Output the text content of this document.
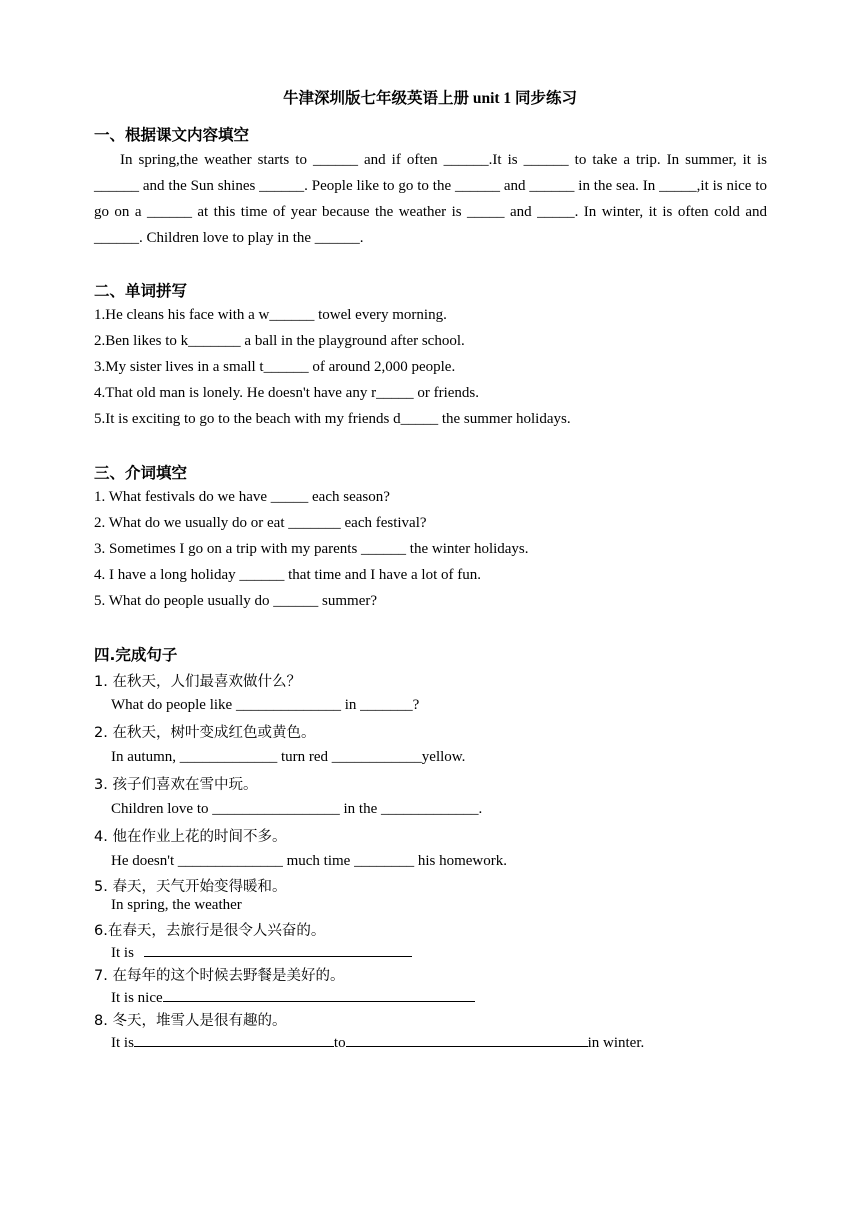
牛津深圳版七年级英语上册 unit 1 同步练习
一、根据课文内容填空

In spring,the weather starts to ______ and if often ______.It is ______ to take a trip. In summer, it is ______ and the Sun shines ______. People like to go to the ______ and ______ in the sea. In _____,it is nice to go on a ______ at this time of year because the weather is _____ and _____. In winter, it is often cold and ______. Children love to play in the ______.

二、单词拼写
1.He cleans his face with a w______ towel every morning.
2.Ben likes to k_______ a ball in the playground after school.
3.My sister lives in a small t______ of around 2,000 people.
4.That old man is lonely. He doesn't have any r_____ or friends.
5.It is exciting to go to the beach with my friends d_____ the summer holidays.
三、介词填空
1. What festivals do we have _____ each season?
2. What do we usually do or eat _______ each festival?
3. Sometimes I go on a trip with my parents ______ the winter holidays.
4. I have a long holiday ______ that time and I have a lot of fun.
5. What do people usually do ______ summer?
四.完成句子
1. 在秋天，人们最喜欢做什么？
What do people like ______________ in _______?
2. 在秋天，树叶变成红色或黄色。
In autumn, _____________ turn red ____________yellow.
3. 孩子们喜欢在雪中玩。
Children love to _________________ in the _____________.
4. 他在作业上花的时间不多。
He doesn't ______________ much time ________ his homework.
5. 春天，天气开始变得暖和。
In spring, the weather
6.在春天，去旅行是很令人兴奋的。
It is
7. 在每年的这个时候去野餐是美好的。
It is nice
8. 冬天，堆雪人是很有趣的。
It is	to	in winter.
